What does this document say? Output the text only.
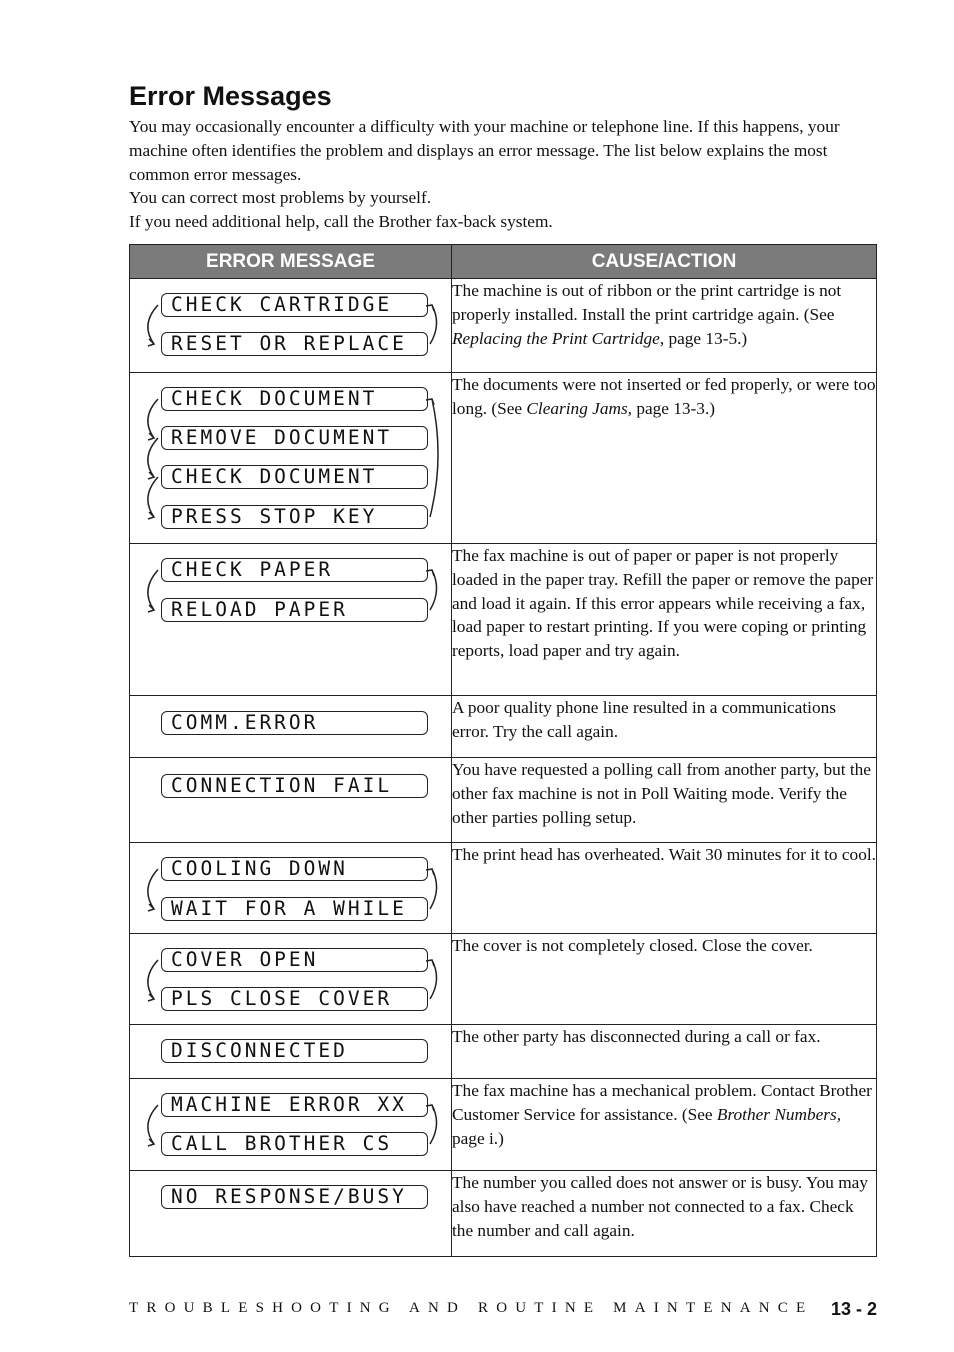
Error Messages

You may occasionally encounter a difficulty with your machine or telephone line. If this happens, your machine often identifies the problem and displays an error message. The list below explains the most common error messages.

You can correct most problems by yourself.

If you need additional help, call the Brother fax-back system.

ERROR MESSAGE	CAUSE/ACTION

CHECK CARTRIDGE
RESET OR REPLACE	The machine is out of ribbon or the print cartridge is not properly installed. Install the print cartridge again. (See Replacing the Print Cartridge, page 13-5.)

CHECK DOCUMENT
REMOVE DOCUMENT
CHECK DOCUMENT
PRESS STOP KEY	The documents were not inserted or fed properly, or were too long. (See Clearing Jams, page 13-3.)

CHECK PAPER
RELOAD PAPER	The fax machine is out of paper or paper is not properly loaded in the paper tray. Refill the paper or remove the paper and load it again. If this error appears while receiving a fax, load paper to restart printing. If you were coping or printing reports, load paper and try again.

COMM.ERROR	A poor quality phone line resulted in a communications error. Try the call again.

CONNECTION FAIL	You have requested a polling call from another party, but the other fax machine is not in Poll Waiting mode. Verify the other parties polling setup.

COOLING DOWN
WAIT FOR A WHILE	The print head has overheated. Wait 30 minutes for it to cool.

COVER OPEN
PLS CLOSE COVER	The cover is not completely closed. Close the cover.

DISCONNECTED	The other party has disconnected during a call or fax.

MACHINE ERROR XX
CALL BROTHER CS	The fax machine has a mechanical problem. Contact Brother Customer Service for assistance. (See Brother Numbers, page i.)

NO RESPONSE/BUSY	The number you called does not answer or is busy. You may also have reached a number not connected to a fax. Check the number and call again.
TROUBLESHOOTING AND ROUTINE MAINTENANCE 13 - 2
